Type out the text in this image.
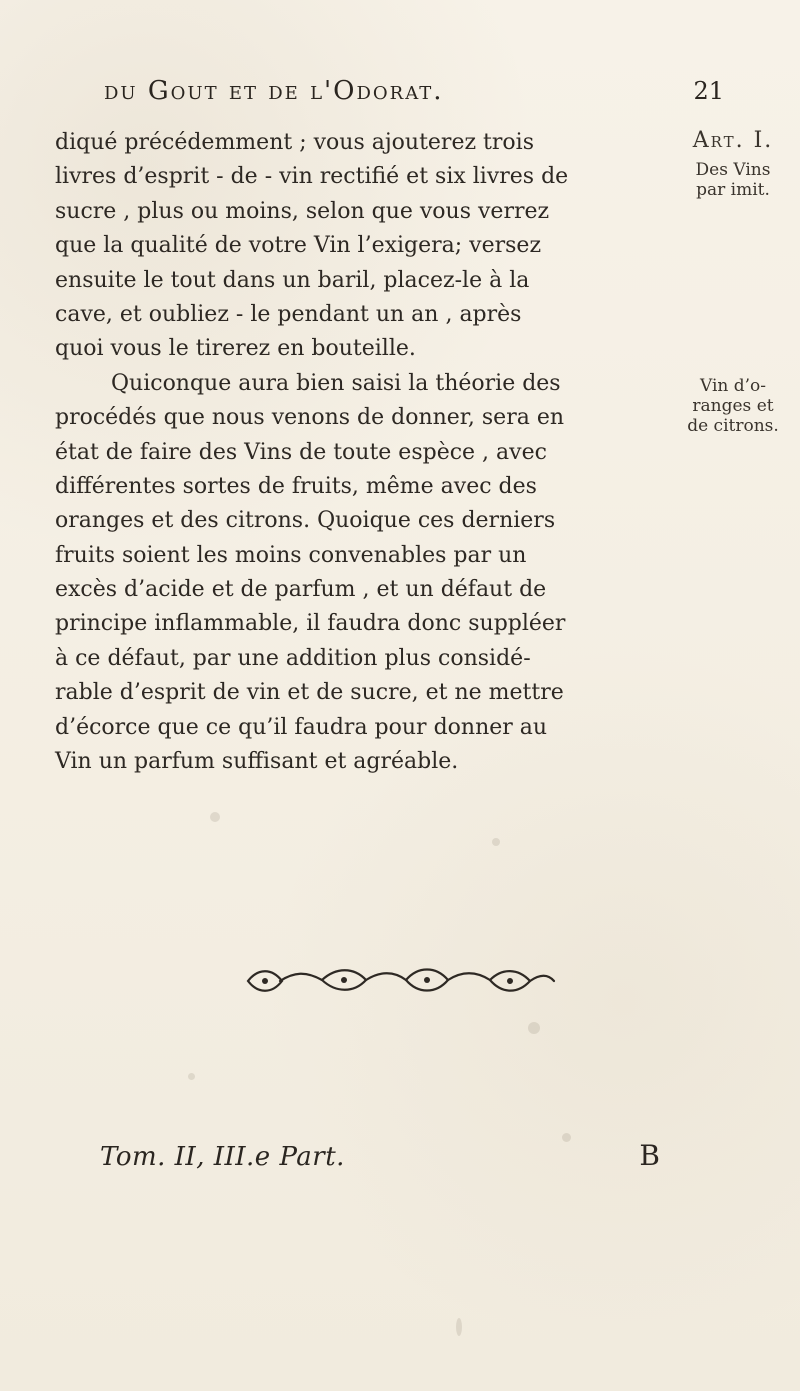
du Gout et de l'Odorat.	21
diqué précédemment ; vous ajouterez trois
livres d’esprit - de - vin rectifié et six livres de
sucre , plus ou moins, selon que vous verrez
que la qualité de votre Vin l’exigera; versez
ensuite le tout dans un baril, placez-le à la
cave, et oubliez - le pendant un an , après
quoi vous le tirerez en bouteille.
Quiconque aura bien saisi la théorie des
procédés que nous venons de donner, sera en
état de faire des Vins de toute espèce , avec
différentes sortes de fruits, même avec des
oranges et des citrons. Quoique ces derniers
fruits soient les moins convenables par un
excès d’acide et de parfum , et un défaut de
principe inflammable, il faudra donc suppléer
à ce défaut, par une addition plus considé-
rable d’esprit de vin et de sucre, et ne mettre
d’écorce que ce qu’il faudra pour donner au
Vin un parfum suffisant et agréable.
Art. I.
Des Vins
par imit.
Vin d’o-
ranges et
de citrons.
Tom. II, III.e Part.	B
